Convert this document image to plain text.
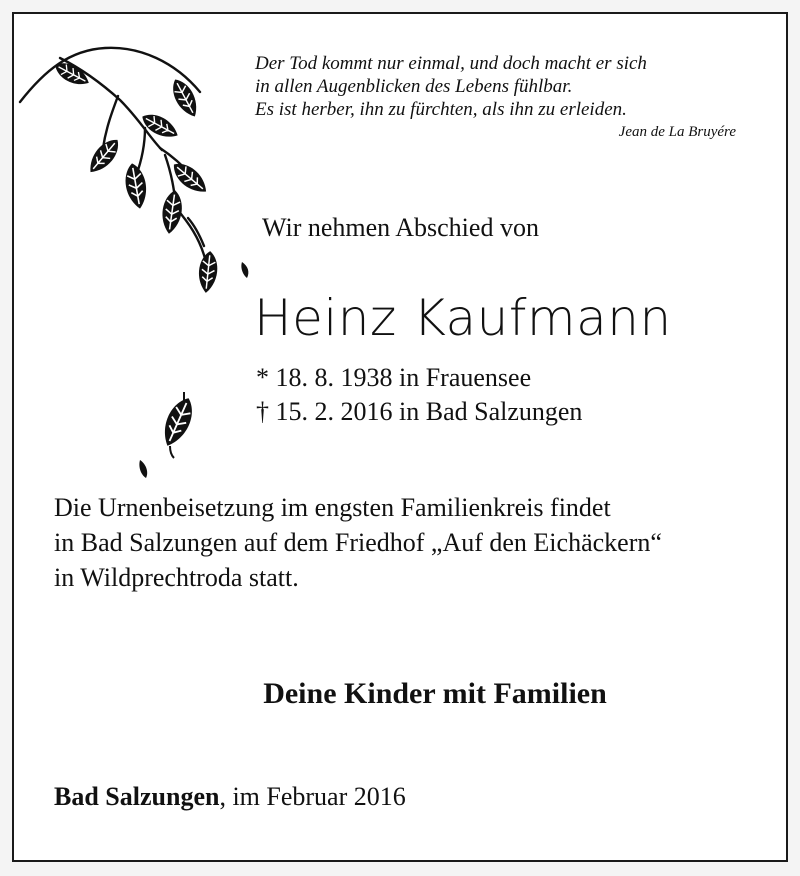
Der Tod kommt nur einmal, und doch macht er sich
in allen Augenblicken des Lebens fühlbar.
Es ist herber, ihn zu fürchten, als ihn zu erleiden.
Jean de La Bruyére
Wir nehmen Abschied von
Heinz Kaufmann
* 18. 8. 1938 in Frauensee
† 15. 2. 2016 in Bad Salzungen
Die Urnenbeisetzung im engsten Familienkreis findet
in Bad Salzungen auf dem Friedhof „Auf den Eichäckern“
in Wildprechtroda statt.
Deine Kinder mit Familien
Bad Salzungen, im Februar 2016
